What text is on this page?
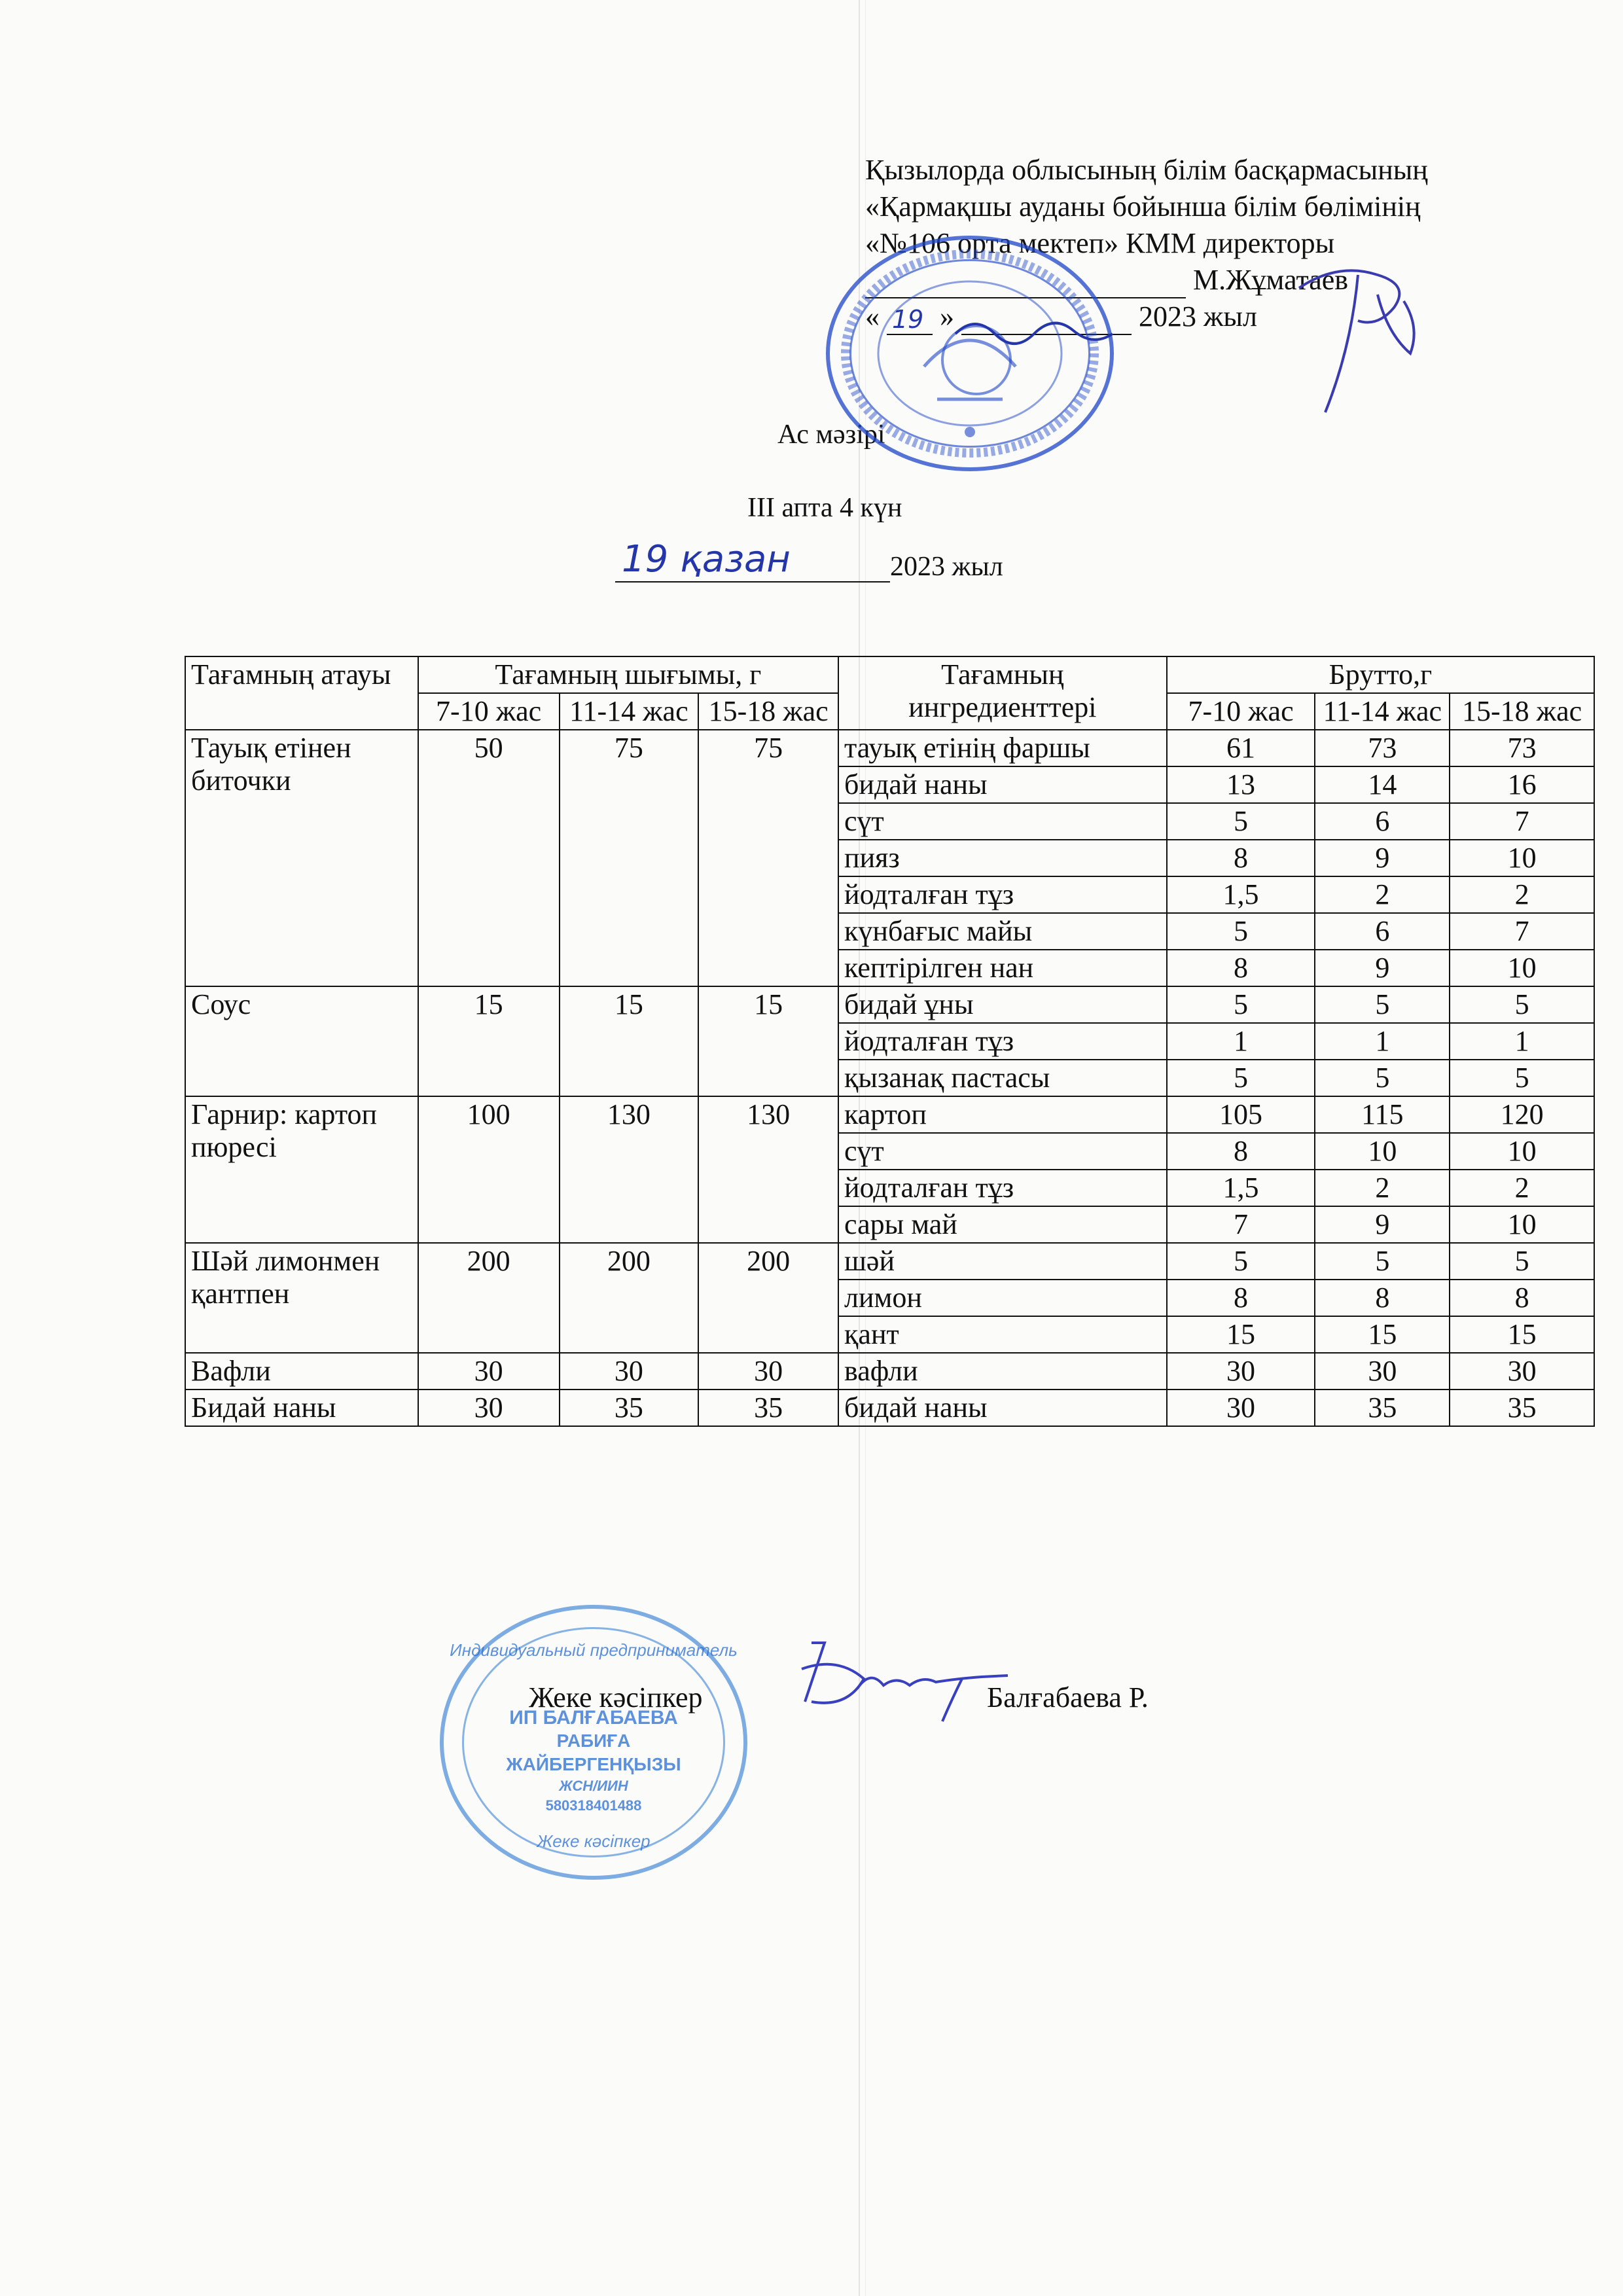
Қызылорда облысының білім басқармасының
«Қармақшы ауданы бойынша білім бөлімінің
«№106 орта мектеп» КММ директоры
М.Жұматаев
« 19 »	2023 жыл
Ас мәзірі
ІІІ апта 4 күн
19 қазан	2023 жыл
Тағамның атауы	Тағамның шығымы, г			Тағамның ингредиенттері	Брутто,г		
	7-10 жас	11-14 жас	15-18 жас		7-10 жас	11-14 жас	15-18 жас
Тауық етінен биточки	50	75	75	тауық етінің фаршы	61	73	73
				бидай наны	13	14	16
				сүт	5	6	7
				пияз	8	9	10
				йодталған тұз	1,5	2	2
				күнбағыс майы	5	6	7
				кептірілген нан	8	9	10
Соус	15	15	15	бидай ұны	5	5	5
				йодталған тұз	1	1	1
				қызанақ пастасы	5	5	5
Гарнир: картоп пюресі	100	130	130	картоп	105	115	120
				сүт	8	10	10
				йодталған тұз	1,5	2	2
				сары май	7	9	10
Шәй лимонмен қантпен	200	200	200	шәй	5	5	5
				лимон	8	8	8
				қант	15	15	15
Вафли	30	30	30	вафли	30	30	30
Бидай наны	30	35	35	бидай наны	30	35	35
Индивидуальный предприниматель
ИП БАЛҒАБАЕВА
РАБИҒА
ЖАЙБЕРГЕНҚЫЗЫ
ЖСН/ИИН
580318401488
Жеке кәсіпкер
Жеке кәсіпкер	Балғабаева Р.
